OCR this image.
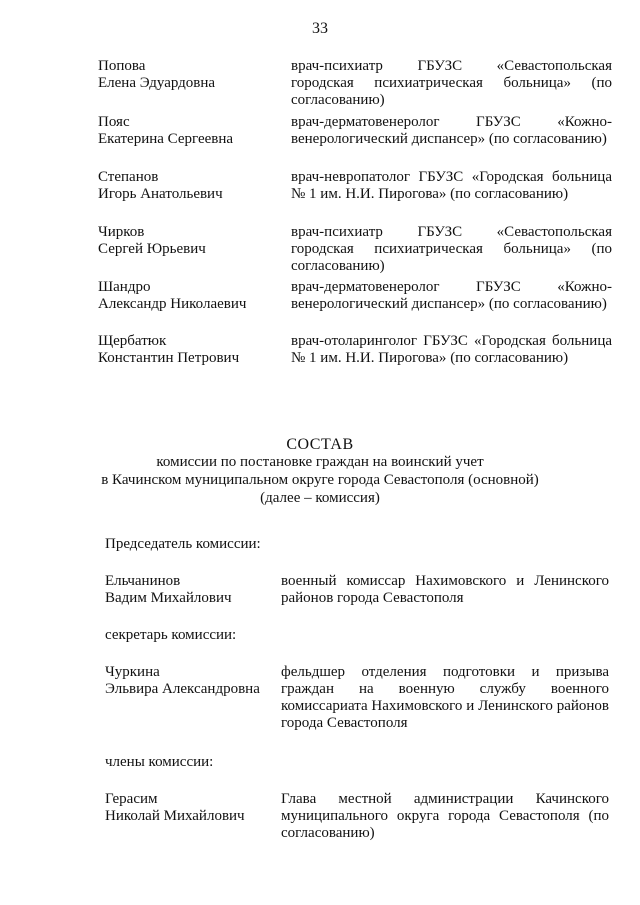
33
Попова
Елена Эдуардовна
врач-психиатр ГБУЗС «Севастопольская городская психиатрическая больница» (по согласованию)
Пояс
Екатерина Сергеевна
врач-дерматовенеролог ГБУЗС «Кожно- венерологический диспансер» (по согласованию)
Степанов
Игорь Анатольевич
врач-невропатолог ГБУЗС «Городская больница № 1 им. Н.И. Пирогова» (по согласованию)
Чирков
Сергей Юрьевич
врач-психиатр ГБУЗС «Севастопольская городская психиатрическая больница» (по согласованию)
Шандро
Александр Николаевич
врач-дерматовенеролог ГБУЗС «Кожно- венерологический диспансер» (по согласованию)
Щербатюк
Константин Петрович
врач-отоларинголог ГБУЗС «Городская больница № 1 им. Н.И. Пирогова» (по согласованию)
СОСТАВ
комиссии по постановке граждан на воинский учет
в Качинском муниципальном округе города Севастополя (основной)
(далее – комиссия)
Председатель комиссии:
Ельчанинов
Вадим Михайлович
военный комиссар Нахимовского и Ленинского районов города Севастополя
секретарь комиссии:
Чуркина
Эльвира Александровна
фельдшер отделения подготовки и призыва граждан на военную службу военного комиссариата Нахимовского и Ленинского районов города Севастополя
члены комиссии:
Герасим
Николай Михайлович
Глава местной администрации Качинского муниципального округа города Севастополя (по согласованию)
